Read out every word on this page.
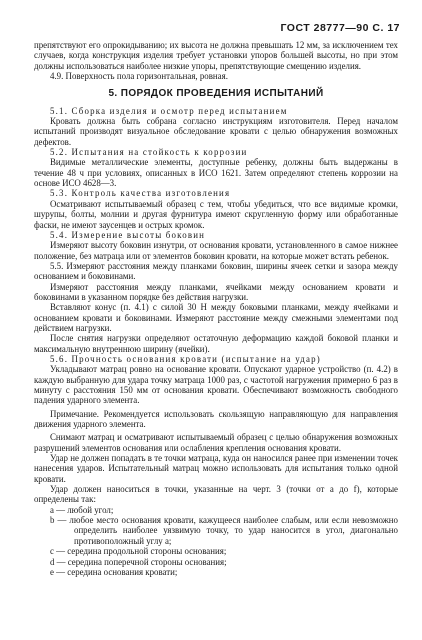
ГОСТ 28777—90 С. 17

препятствуют его опрокидыванию; их высота не должна превышать 12 мм, за исключением тех случаев, когда конструкция изделия требует установки упоров большей высоты, но при этом должны использоваться наиболее низкие упоры, препятствующие смещению изделия.

4.9. Поверхность пола горизонтальная, ровная.

5. ПОРЯДОК ПРОВЕДЕНИЯ ИСПЫТАНИЙ

5.1. Сборка изделия и осмотр перед испытанием

Кровать должна быть собрана согласно инструкциям изготовителя. Перед началом испытаний производят визуальное обследование кровати с целью обнаружения возможных дефектов.

5.2. Испытания на стойкость к коррозии

Видимые металлические элементы, доступные ребенку, должны быть выдержаны в течение 48 ч при условиях, описанных в ИСО 1621. Затем определяют степень коррозии на основе ИСО 4628—3.

5.3. Контроль качества изготовления

Осматривают испытываемый образец с тем, чтобы убедиться, что все видимые кромки, шурупы, болты, молнии и другая фурнитура имеют скругленную форму или обработанные фаски, не имеют заусенцев и острых кромок.

5.4. Измерение высоты боковин

Измеряют высоту боковин изнутри, от основания кровати, установленного в самое нижнее положение, без матраца или от элементов боковин кровати, на которые может встать ребенок.

5.5. Измеряют расстояния между планками боковин, ширины ячеек сетки и зазора между основанием и боковинами.

Измеряют расстояния между планками, ячейками между основанием кровати и боковинами в указанном порядке без действия нагрузки.

Вставляют конус (п. 4.1) с силой 30 Н между боковыми планками, между ячейками и основанием кровати и боковинами. Измеряют расстояние между смежными элементами под действием нагрузки.

После снятия нагрузки определяют остаточную деформацию каждой боковой планки и максимальную внутреннюю ширину (ячейки).

5.6. Прочность основания кровати (испытание на удар)

Укладывают матрац ровно на основание кровати. Опускают ударное устройство (п. 4.2) в каждую выбранную для удара точку матраца 1000 раз, с частотой нагружения примерно 6 раз в минуту с расстояния 150 мм от основания кровати. Обеспечивают возможность свободного падения ударного элемента.

Примечание. Рекомендуется использовать скользящую направляющую для направления движения ударного элемента.

Снимают матрац и осматривают испытываемый образец с целью обнаружения возможных разрушений элементов основания или ослабления крепления основания кровати.

Удар не должен попадать в те точки матраца, куда он наносился ранее при изменении точек нанесения ударов. Испытательный матрац можно использовать для испытания только одной кровати.

Удар должен наноситься в точки, указанные на черт. 3 (точки от a до f), которые определены так:

a — любой угол;

b — любое место основания кровати, кажущееся наиболее слабым, или если невозможно определить наиболее уязвимую точку, то удар наносится в угол, диагонально противоположный углу a;

c — середина продольной стороны основания;

d — середина поперечной стороны основания;

e — середина основания кровати;
